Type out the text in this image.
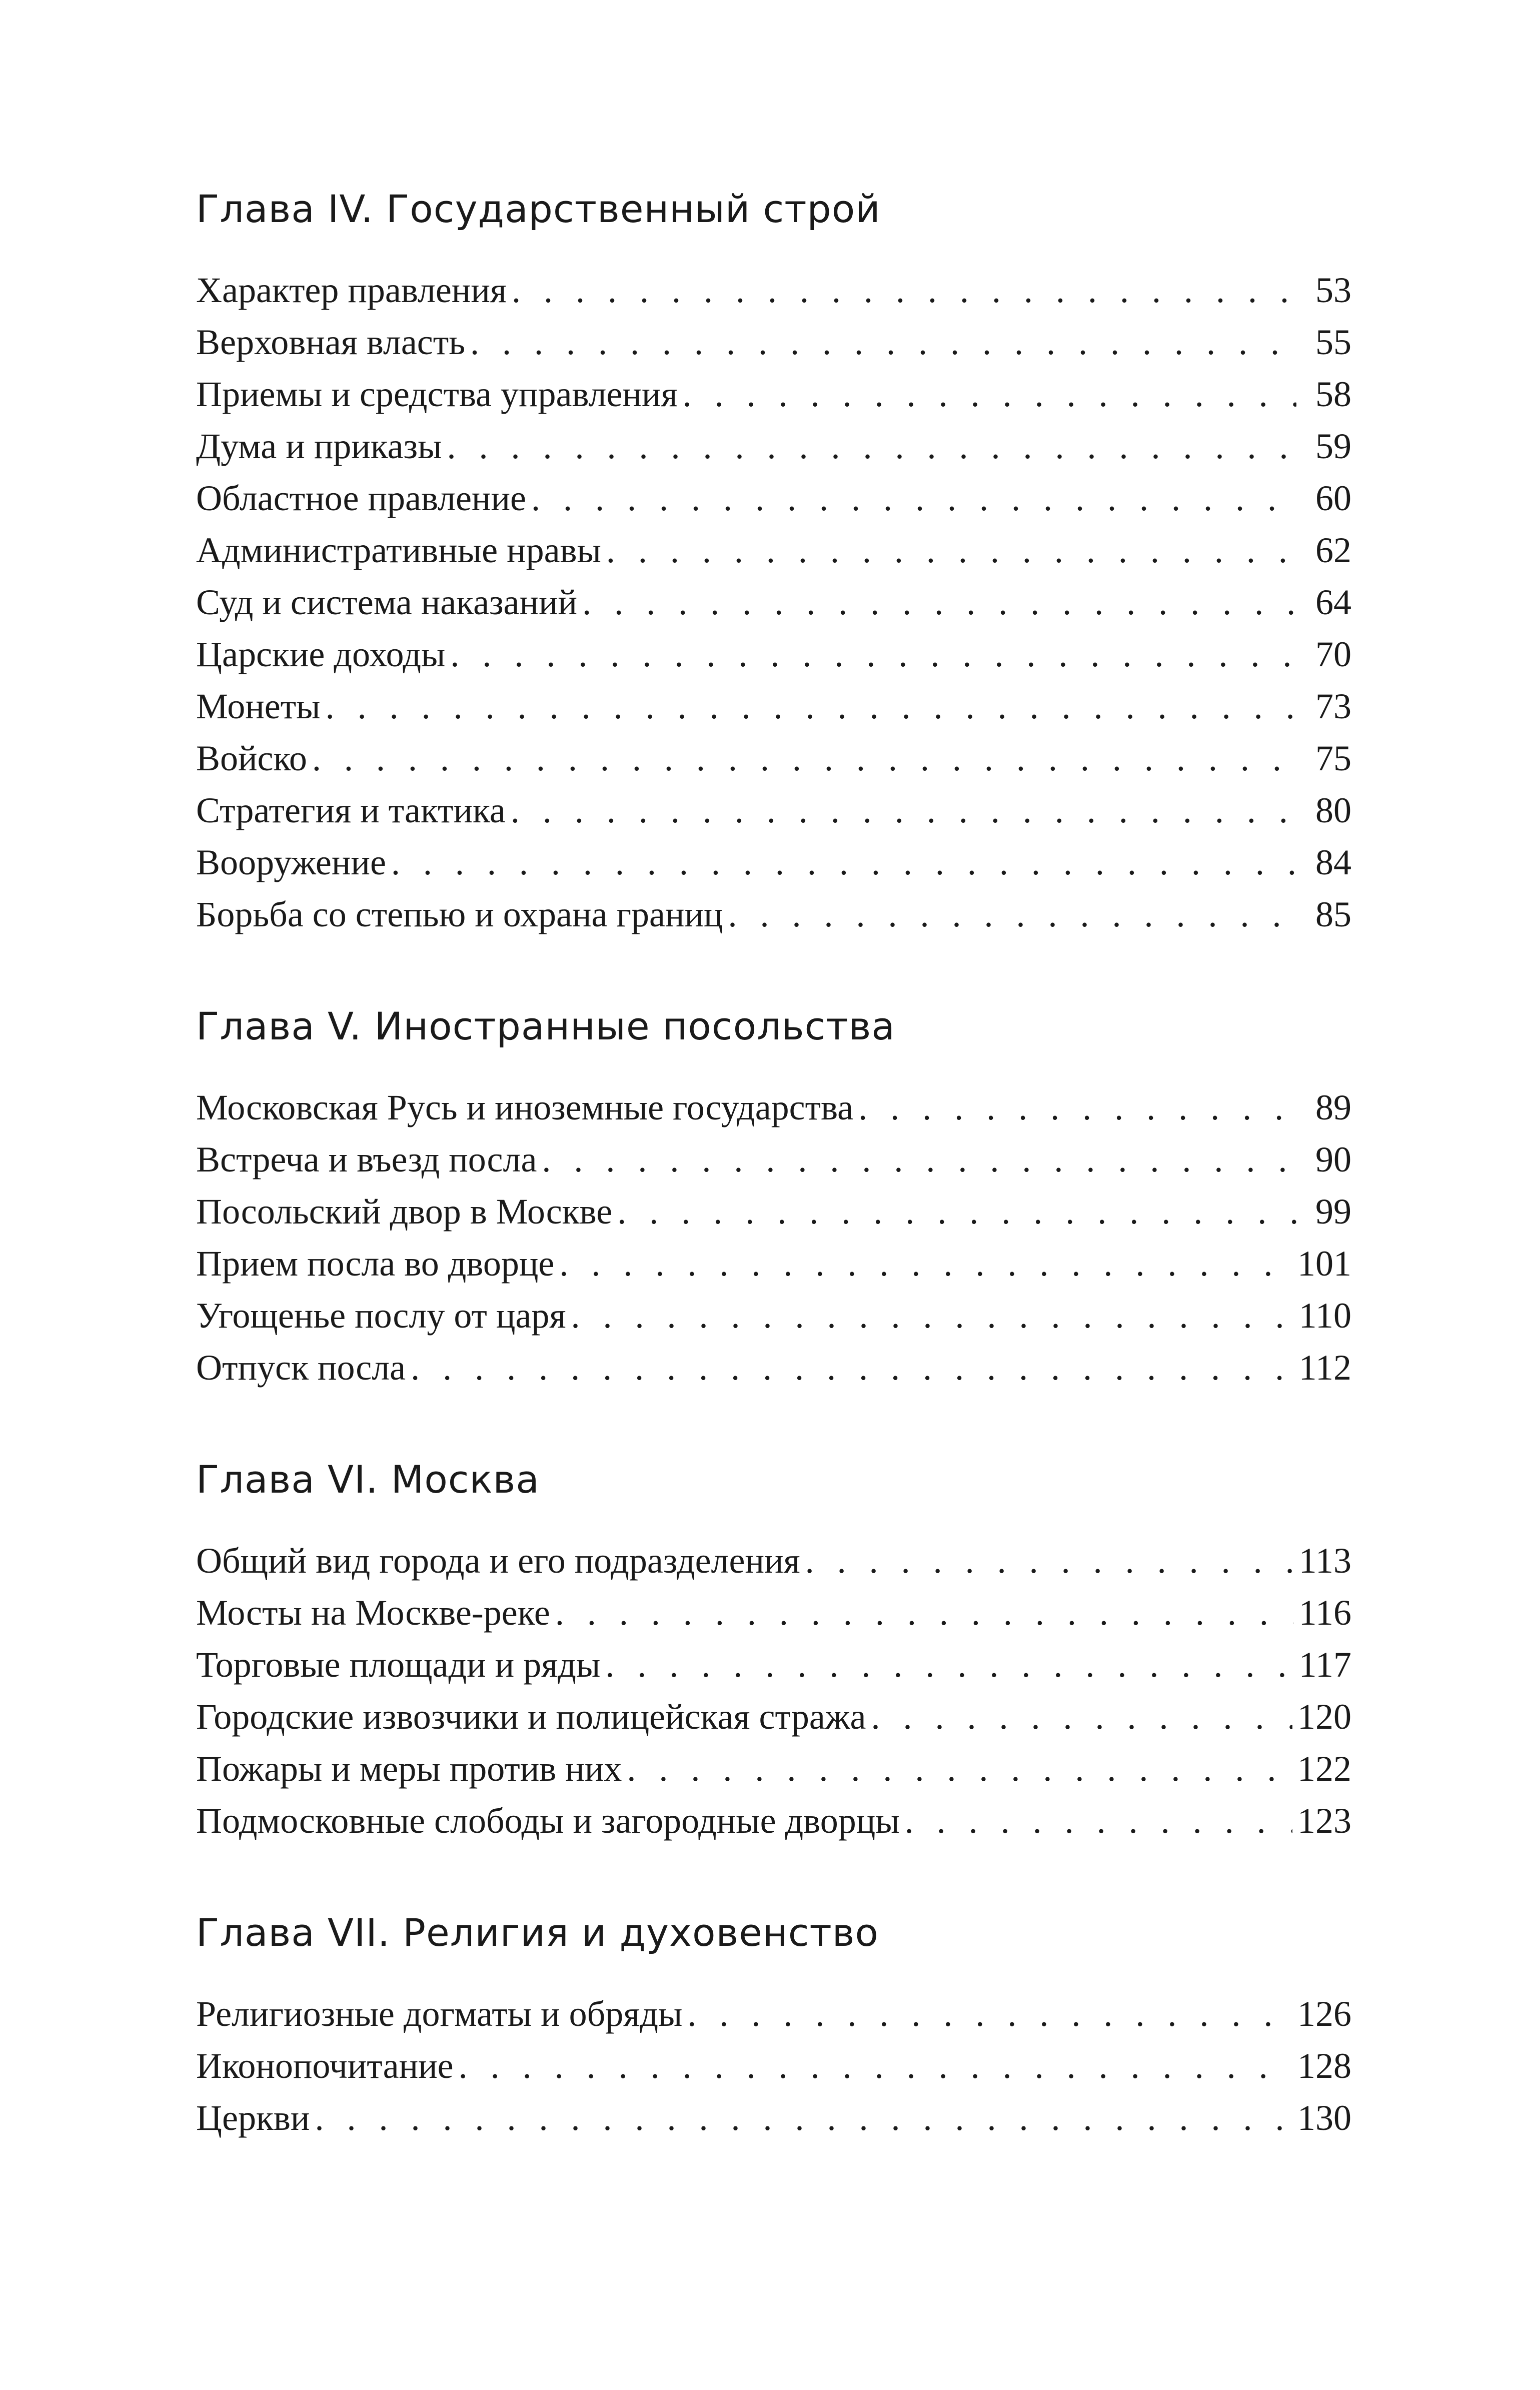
Глава IV. Государственный строй
Характер правления . . .	53
Верховная власть . . .	55
Приемы и средства управления . . .	58
Дума и приказы . . .	59
Областное правление . . .	60
Административные нравы . . .	62
Суд и система наказаний . . .	64
Царские доходы . . .	70
Монеты . . .	73
Войско . . .	75
Стратегия и тактика . . .	80
Вооружение . . .	84
Борьба со степью и охрана границ . . .	85
Глава V. Иностранные посольства
Московская Русь и иноземные государства . . .	89
Встреча и въезд посла . . .	90
Посольский двор в Москве . . .	99
Прием посла во дворце . . .	101
Угощенье послу от царя . . .	110
Отпуск посла . . .	112
Глава VI. Москва
Общий вид города и его подразделения . . .	113
Мосты на Москве-реке . . .	116
Торговые площади и ряды . . .	117
Городские извозчики и полицейская стража . . .	120
Пожары и меры против них . . .	122
Подмосковные слободы и загородные дворцы . . .	123
Глава VII. Религия и духовенство
Религиозные догматы и обряды . . .	126
Иконопочитание . . .	128
Церкви . . .	130
